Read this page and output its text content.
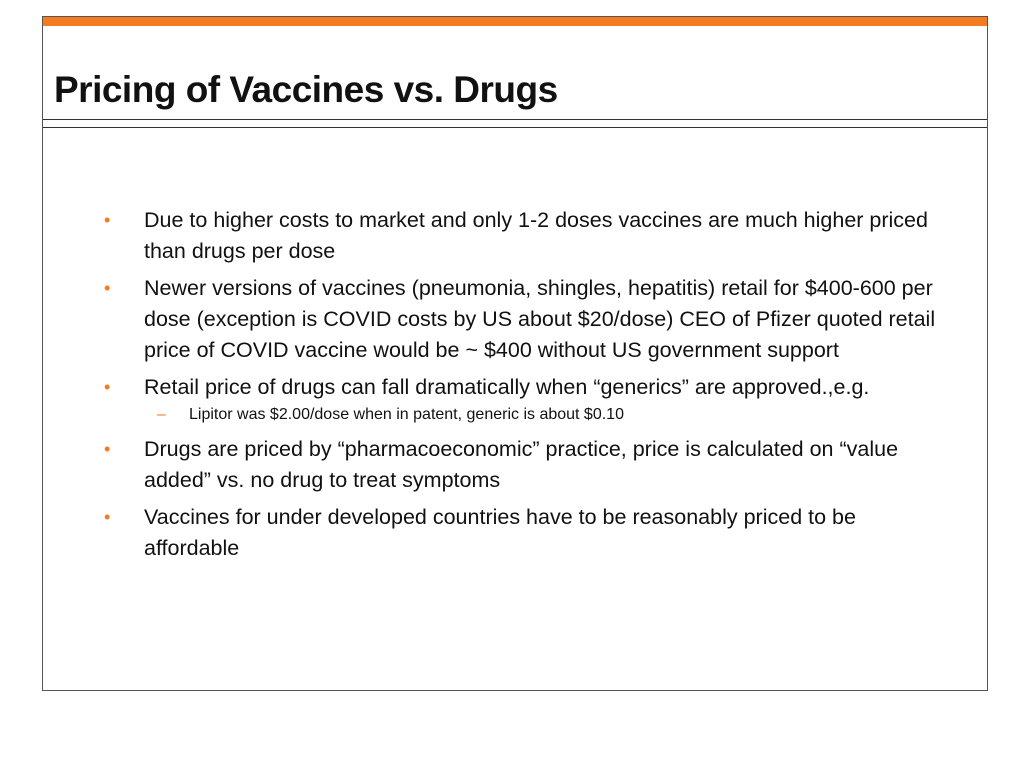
Pricing of Vaccines vs. Drugs
• Due to higher costs to market and only 1-2 doses vaccines are much higher priced than drugs per dose
• Newer versions of vaccines (pneumonia, shingles, hepatitis) retail for $400-600 per dose (exception is COVID costs by US about $20/dose) CEO of Pfizer quoted retail price of COVID vaccine would be ~ $400 without US government support
• Retail price of drugs can fall dramatically when “generics” are approved.,e.g.
– Lipitor was $2.00/dose when in patent, generic is about $0.10
• Drugs are priced by “pharmacoeconomic” practice, price is calculated on “value added” vs. no drug to treat symptoms
• Vaccines for under developed countries have to be reasonably priced to be affordable
